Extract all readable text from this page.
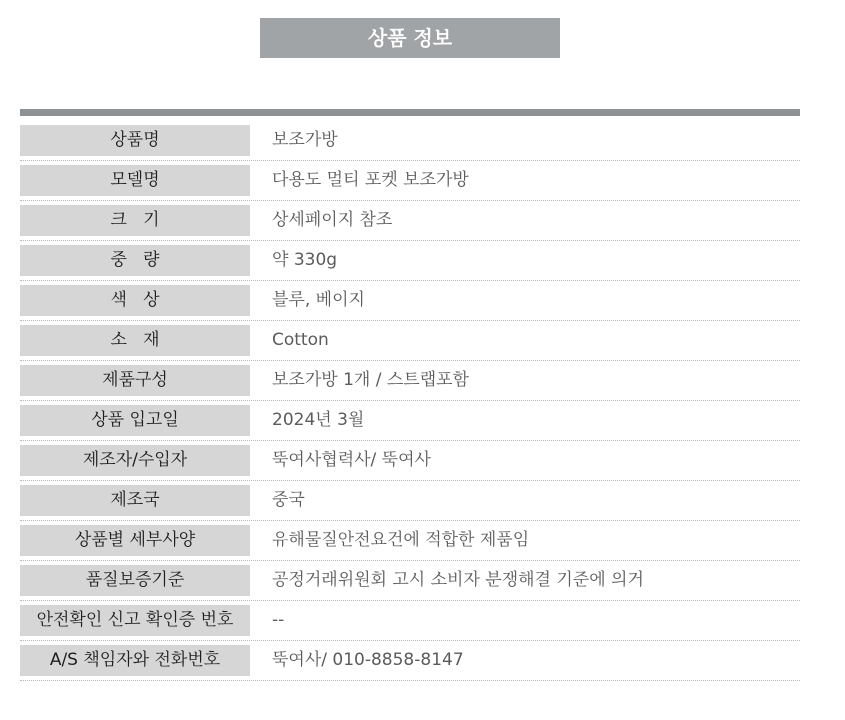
상품 정보
상품명	보조가방
모델명	다용도 멀티 포켓 보조가방
크   기	상세페이지 참조
중   량	약 330g
색   상	블루, 베이지
소   재	Cotton
제품구성	보조가방 1개 / 스트랩포함
상품 입고일	2024년 3월
제조자/수입자	뚝여사협력사/ 뚝여사
제조국	중국
상품별 세부사양	유해물질안전요건에 적합한 제품임
품질보증기준	공정거래위원회 고시 소비자 분쟁해결 기준에 의거
안전확인 신고 확인증 번호	--
A/S 책임자와 전화번호	뚝여사/ 010-8858-8147
